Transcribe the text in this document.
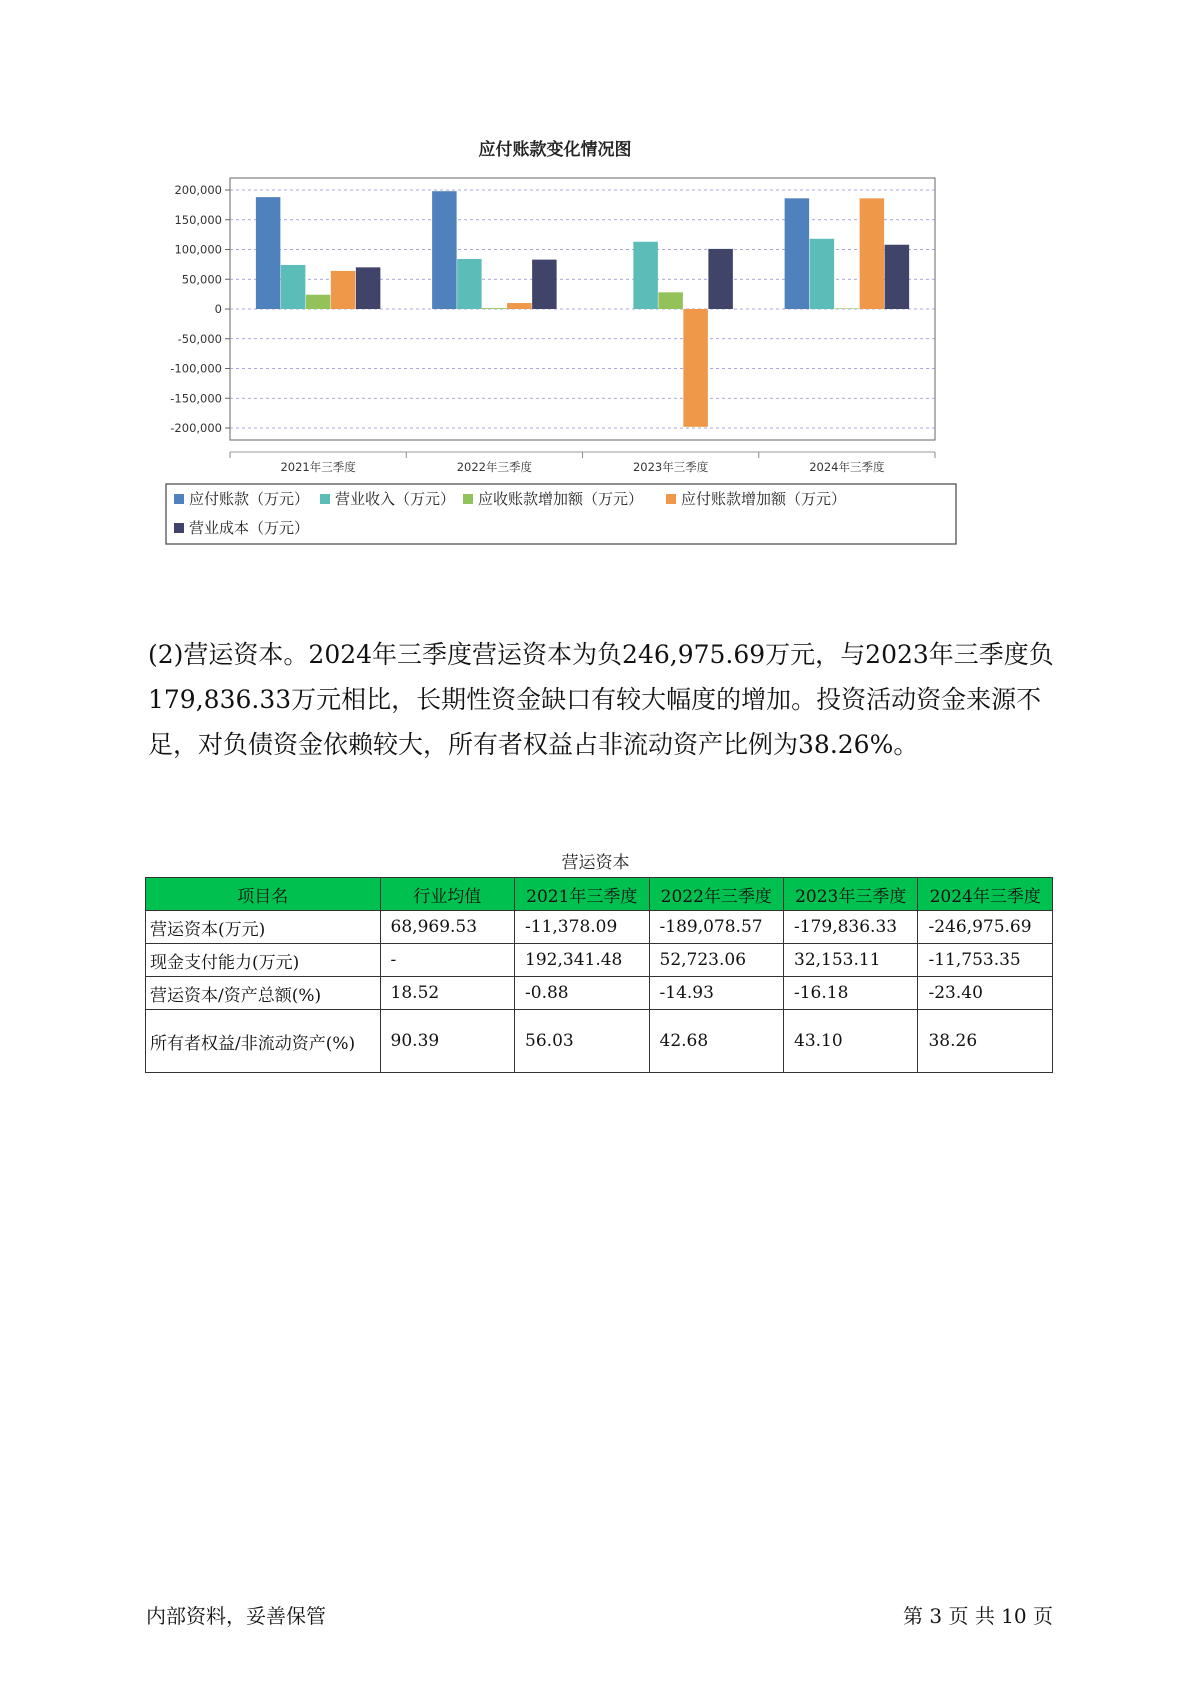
应付账款变化情况图
200,000
150,000
100,000
50,000
0
-50,000
-100,000
-150,000
-200,000
2021年三季度	2022年三季度	2023年三季度	2024年三季度
应付账款（万元） 营业收入（万元） 应收账款增加额（万元）	应付账款增加额（万元）
营业成本（万元）

(2)营运资本。2024年三季度营运资本为负246,975.69万元，与2023年三季度负179,836.33万元相比，长期性资金缺口有较大幅度的增加。投资活动资金来源不足，对负债资金依赖较大，所有者权益占非流动资产比例为38.26%。

营运资本
项目名	行业均值	2021年三季度	2022年三季度	2023年三季度	2024年三季度
营运资本(万元)	68,969.53	-11,378.09	-189,078.57	-179,836.33	-246,975.69
现金支付能力(万元)	-	192,341.48	52,723.06	32,153.11	-11,753.35
营运资本/资产总额(%)	18.52	-0.88	-14.93	-16.18	-23.40
所有者权益/非流动资产(%)	90.39	56.03	42.68	43.10	38.26
内部资料，妥善保管	第 3 页 共 10 页
